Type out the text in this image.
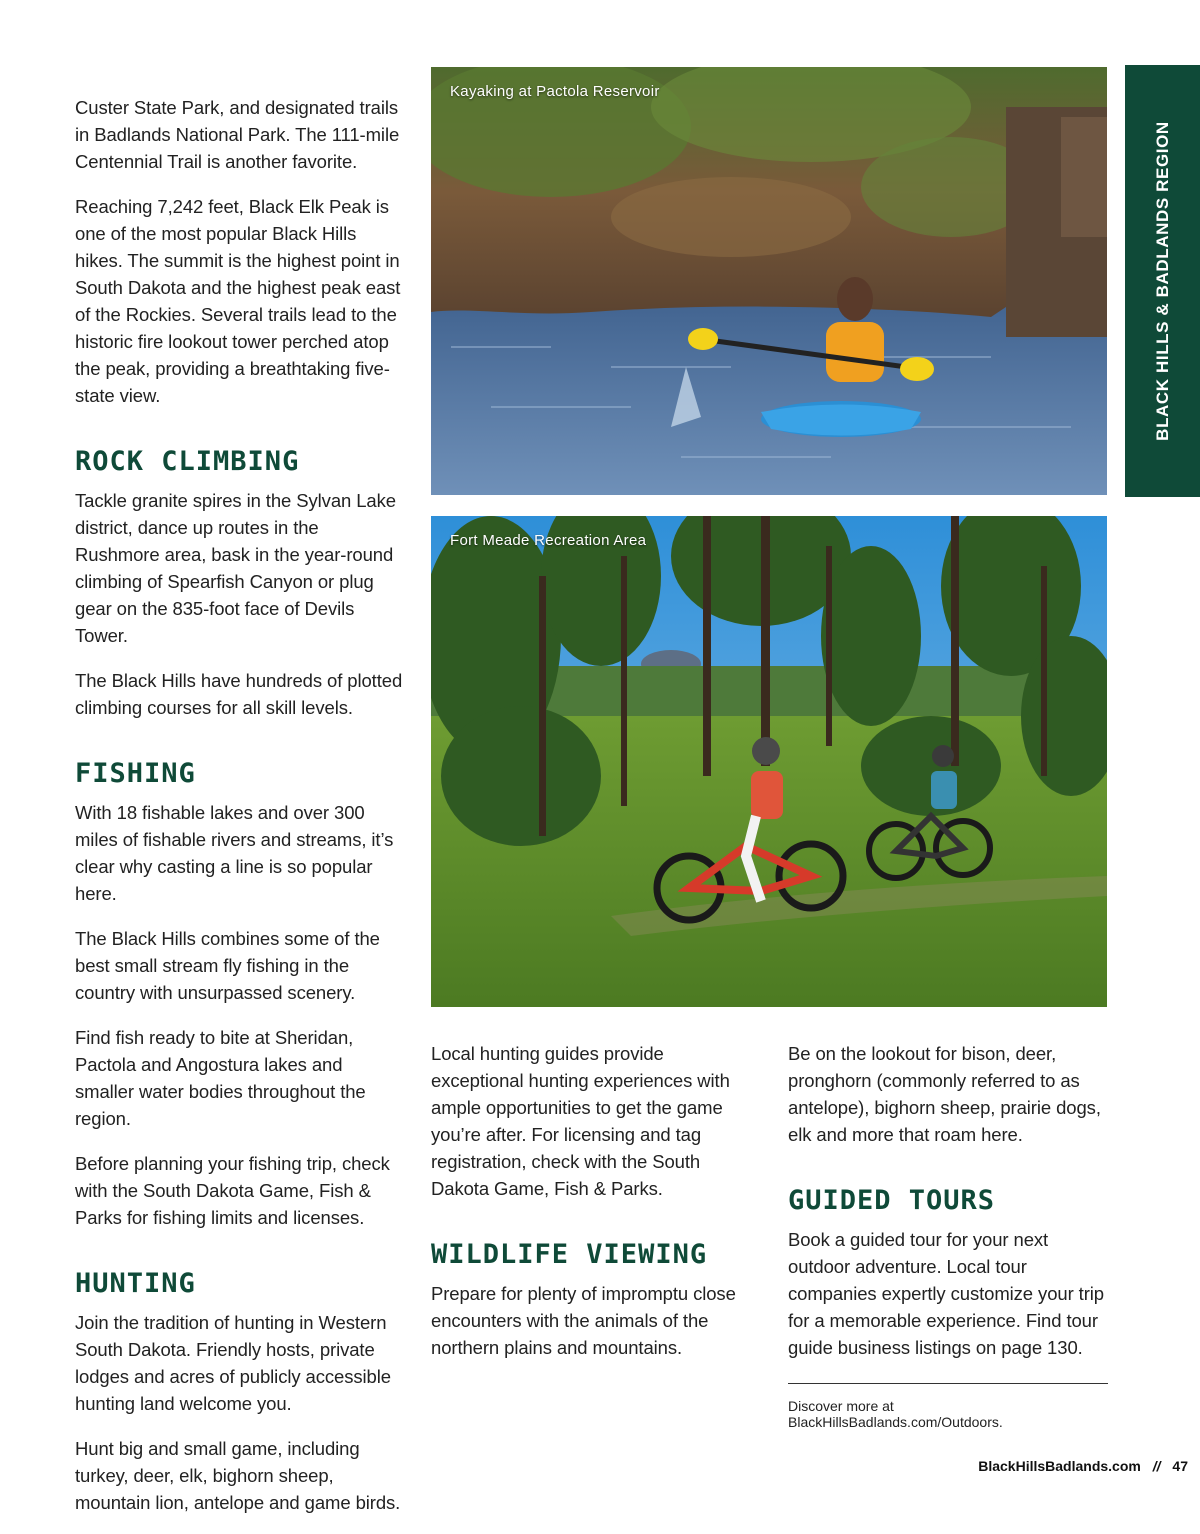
Custer State Park, and designated trails in Badlands National Park. The 111-mile Centennial Trail is another favorite.

Reaching 7,242 feet, Black Elk Peak is one of the most popular Black Hills hikes. The summit is the highest point in South Dakota and the highest peak east of the Rockies. Several trails lead to the historic fire lookout tower perched atop the peak, providing a breathtaking five-state view.

ROCK CLIMBING

Tackle granite spires in the Sylvan Lake district, dance up routes in the Rushmore area, bask in the year-round climbing of Spearfish Canyon or plug gear on the 835-foot face of Devils Tower.

The Black Hills have hundreds of plotted climbing courses for all skill levels.

FISHING

With 18 fishable lakes and over 300 miles of fishable rivers and streams, it’s clear why casting a line is so popular here.

The Black Hills combines some of the best small stream fly fishing in the country with unsurpassed scenery.

Find fish ready to bite at Sheridan, Pactola and Angostura lakes and smaller water bodies throughout the region.

Before planning your fishing trip, check with the South Dakota Game, Fish & Parks for fishing limits and licenses.

HUNTING

Join the tradition of hunting in Western South Dakota. Friendly hosts, private lodges and acres of publicly accessible hunting land welcome you.

Hunt big and small game, including turkey, deer, elk, bighorn sheep, mountain lion, antelope and game birds.

Kayaking at Pactola Reservoir
Fort Meade Recreation Area

Local hunting guides provide exceptional hunting experiences with ample opportunities to get the game you’re after. For licensing and tag registration, check with the South Dakota Game, Fish & Parks.

WILDLIFE VIEWING

Prepare for plenty of impromptu close encounters with the animals of the northern plains and mountains.

Be on the lookout for bison, deer, pronghorn (commonly referred to as antelope), bighorn sheep, prairie dogs, elk and more that roam here.

GUIDED TOURS

Book a guided tour for your next outdoor adventure. Local tour companies expertly customize your trip for a memorable experience. Find tour guide business listings on page 130.

Discover more at BlackHillsBadlands.com/Outdoors.
BLACK HILLS & BADLANDS REGION
BlackHillsBadlands.com // 47
